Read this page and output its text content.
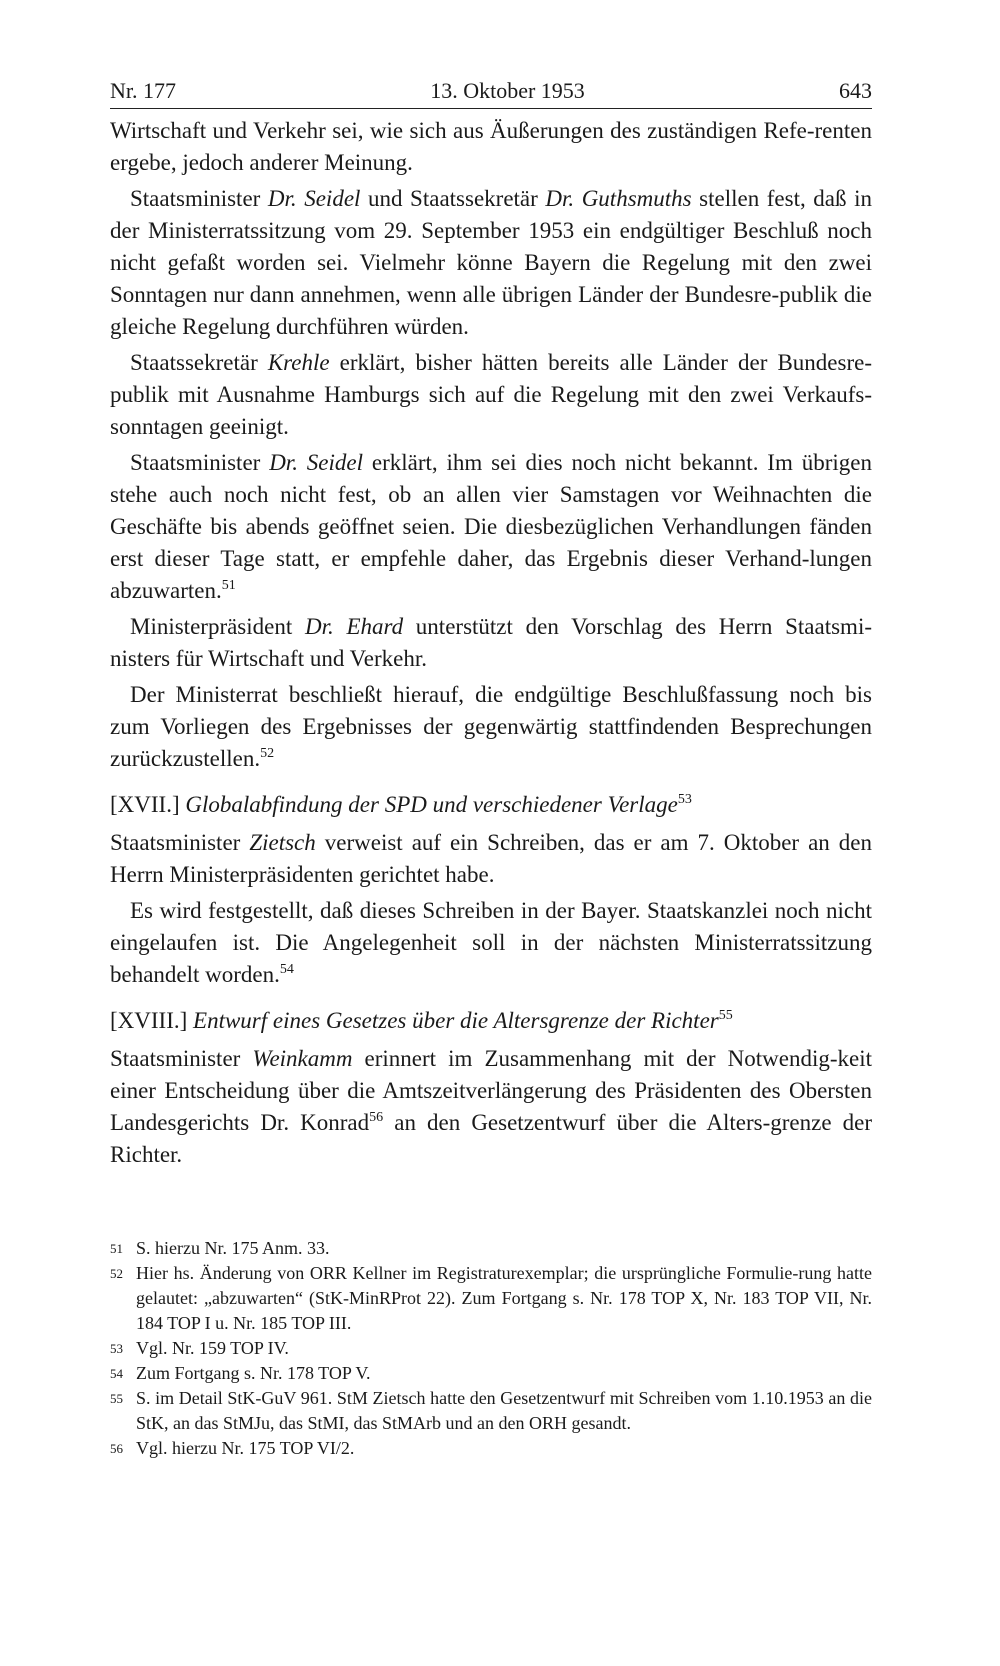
Nr. 177	13. Oktober 1953	643

Wirtschaft und Verkehr sei, wie sich aus Äußerungen des zuständigen Refe-renten ergebe, jedoch anderer Meinung.

Staatsminister Dr. Seidel und Staatssekretär Dr. Guthsmuths stellen fest, daß in der Ministerratssitzung vom 29. September 1953 ein endgültiger Beschluß noch nicht gefaßt worden sei. Vielmehr könne Bayern die Regelung mit den zwei Sonntagen nur dann annehmen, wenn alle übrigen Länder der Bundesre-publik die gleiche Regelung durchführen würden.

Staatssekretär Krehle erklärt, bisher hätten bereits alle Länder der Bundesre-publik mit Ausnahme Hamburgs sich auf die Regelung mit den zwei Verkaufs-sonntagen geeinigt.

Staatsminister Dr. Seidel erklärt, ihm sei dies noch nicht bekannt. Im übrigen stehe auch noch nicht fest, ob an allen vier Samstagen vor Weihnachten die Geschäfte bis abends geöffnet seien. Die diesbezüglichen Verhandlungen fänden erst dieser Tage statt, er empfehle daher, das Ergebnis dieser Verhand-lungen abzuwarten.$^{51}$

Ministerpräsident Dr. Ehard unterstützt den Vorschlag des Herrn Staatsmi-nisters für Wirtschaft und Verkehr.

Der Ministerrat beschließt hierauf, die endgültige Beschlußfassung noch bis zum Vorliegen des Ergebnisses der gegenwärtig stattfindenden Besprechungen zurückzustellen.$^{52}$

[XVII.] Globalabfindung der SPD und verschiedener Verlage$^{53}$

Staatsminister Zietsch verweist auf ein Schreiben, das er am 7. Oktober an den Herrn Ministerpräsidenten gerichtet habe.

Es wird festgestellt, daß dieses Schreiben in der Bayer. Staatskanzlei noch nicht eingelaufen ist. Die Angelegenheit soll in der nächsten Ministerratssitzung behandelt worden.$^{54}$

[XVIII.] Entwurf eines Gesetzes über die Altersgrenze der Richter$^{55}$

Staatsminister Weinkamm erinnert im Zusammenhang mit der Notwendig-keit einer Entscheidung über die Amtszeitverlängerung des Präsidenten des Obersten Landesgerichts Dr. Konrad$^{56}$ an den Gesetzentwurf über die Alters-grenze der Richter.

51 S. hierzu Nr. 175 Anm. 33.
52 Hier hs. Änderung von ORR Kellner im Registraturexemplar; die ursprüngliche Formulie-rung hatte gelautet: „abzuwarten“ (StK-MinRProt 22). Zum Fortgang s. Nr. 178 TOP X, Nr. 183 TOP VII, Nr. 184 TOP I u. Nr. 185 TOP III.
53 Vgl. Nr. 159 TOP IV.
54 Zum Fortgang s. Nr. 178 TOP V.
55 S. im Detail StK-GuV 961. StM Zietsch hatte den Gesetzentwurf mit Schreiben vom 1.10.1953 an die StK, an das StMJu, das StMI, das StMArb und an den ORH gesandt.
56 Vgl. hierzu Nr. 175 TOP VI/2.
